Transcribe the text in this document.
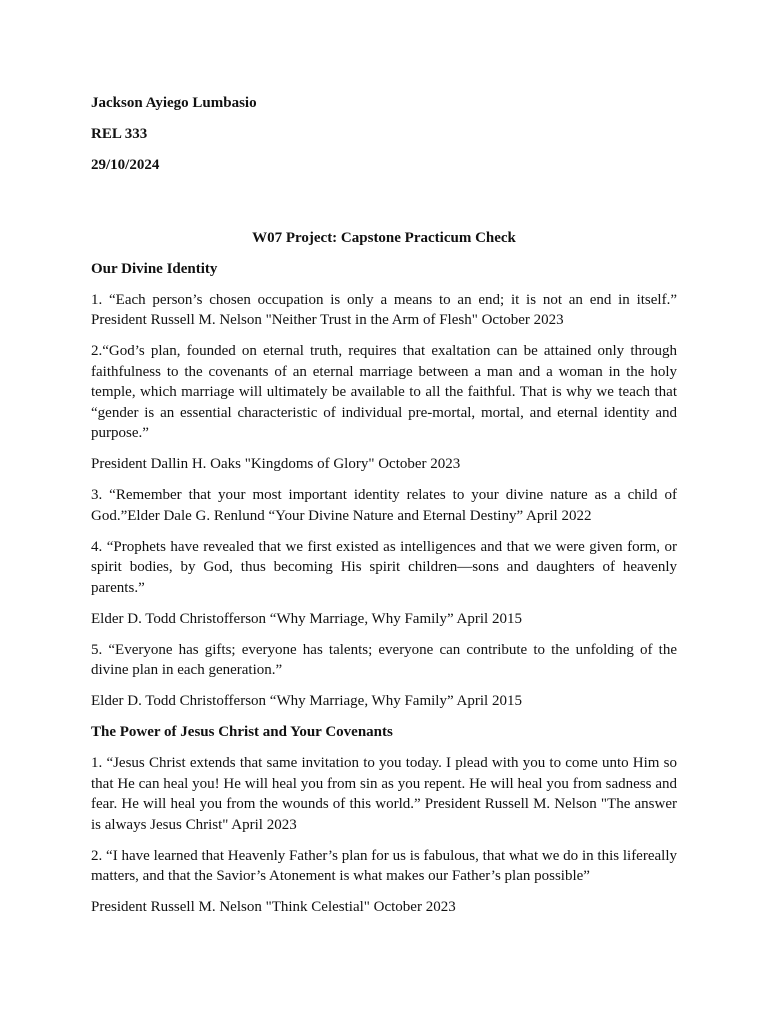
Jackson Ayiego Lumbasio

REL 333

29/10/2024

W07 Project: Capstone Practicum Check

Our Divine Identity

1. “Each person’s chosen occupation is only a means to an end; it is not an end in itself.” President Russell M. Nelson "Neither Trust in the Arm of Flesh" October 2023

2.“God’s plan, founded on eternal truth, requires that exaltation can be attained only through faithfulness to the covenants of an eternal marriage between a man and a woman in the holy temple, which marriage will ultimately be available to all the faithful. That is why we teach that “gender is an essential characteristic of individual pre-mortal, mortal, and eternal identity and purpose.”

President Dallin H. Oaks "Kingdoms of Glory" October 2023

3. “Remember that your most important identity relates to your divine nature as a child of God.”Elder Dale G. Renlund “Your Divine Nature and Eternal Destiny” April 2022

4. “Prophets have revealed that we first existed as intelligences and that we were given form, or spirit bodies, by God, thus becoming His spirit children—sons and daughters of heavenly parents.”

Elder D. Todd Christofferson “Why Marriage, Why Family” April 2015

5. “Everyone has gifts; everyone has talents; everyone can contribute to the unfolding of the divine plan in each generation.”

Elder D. Todd Christofferson “Why Marriage, Why Family” April 2015

The Power of Jesus Christ and Your Covenants

1. “Jesus Christ extends that same invitation to you today. I plead with you to come unto Him so that He can heal you! He will heal you from sin as you repent. He will heal you from sadness and fear. He will heal you from the wounds of this world.” President Russell M. Nelson "The answer is always Jesus Christ" April 2023

2. “I have learned that Heavenly Father’s plan for us is fabulous, that what we do in this lifereally matters, and that the Savior’s Atonement is what makes our Father’s plan possible”

President Russell M. Nelson "Think Celestial" October 2023
